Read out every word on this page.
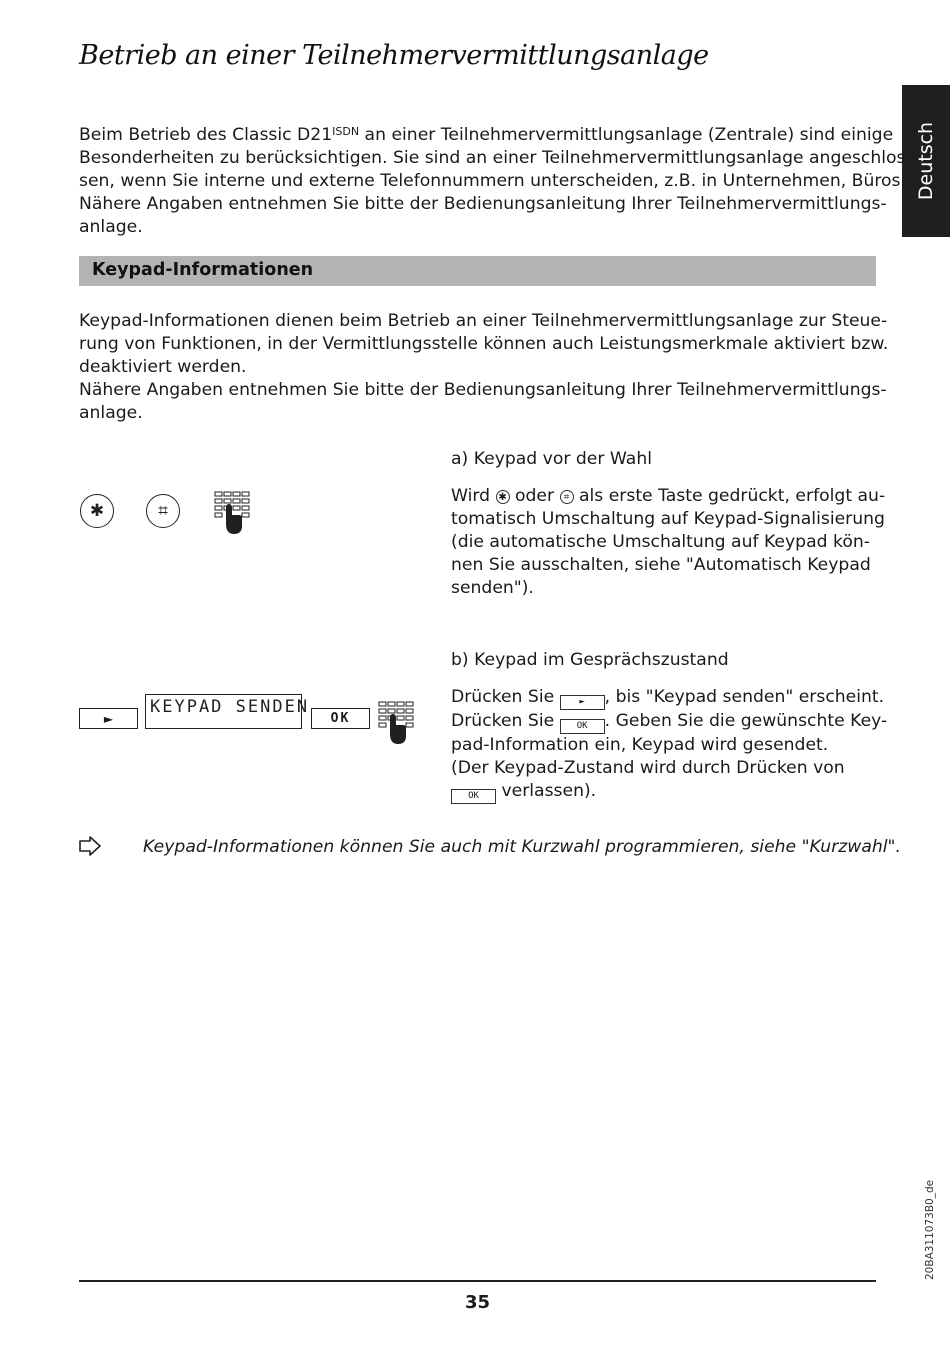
Betrieb an einer Teilnehmervermittlungsanlage
Deutsch
Beim Betrieb des Classic $D21^{ISDN}$ an einer Teilnehmervermittlungsanlage (Zentrale) sind einige
Besonderheiten zu berücksichtigen. Sie sind an einer Teilnehmervermittlungsanlage angeschlos-
sen, wenn Sie interne und externe Telefonnummern unterscheiden, z.B. in Unternehmen, Büros.
Nähere Angaben entnehmen Sie bitte der Bedienungsanleitung Ihrer Teilnehmervermittlungs-
anlage.
Keypad-Informationen
Keypad-Informationen dienen beim Betrieb an einer Teilnehmervermittlungsanlage zur Steue-
rung von Funktionen, in der Vermittlungsstelle können auch Leistungsmerkmale aktiviert bzw.
deaktiviert werden.
Nähere Angaben entnehmen Sie bitte der Bedienungsanleitung Ihrer Teilnehmervermittlungs-
anlage.
a) Keypad vor der Wahl
✱	⌗
Wird ✱ oder ⌗ als erste Taste gedrückt, erfolgt au-
tomatisch Umschaltung auf Keypad-Signalisierung
(die automatische Umschaltung auf Keypad kön-
nen Sie ausschalten, siehe "Automatisch Keypad
senden").
b) Keypad im Gesprächszustand
►
KEYPAD SENDEN
OK
Drücken Sie ► , bis "Keypad senden" erscheint.
Drücken Sie OK . Geben Sie die gewünschte Key-
pad-Information ein, Keypad wird gesendet.
(Der Keypad-Zustand wird durch Drücken von
OK verlassen).
Keypad-Informationen können Sie auch mit Kurzwahl programmieren, siehe "Kurzwahl".
35
20BA311073B0_de
